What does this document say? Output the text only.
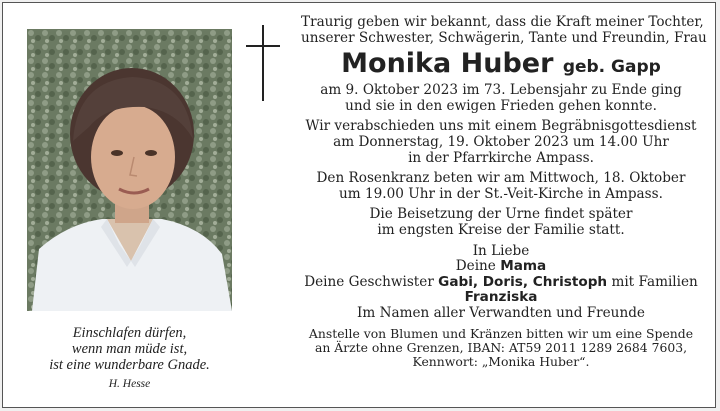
Einschlafen dürfen,
wenn man müde ist,
ist eine wunderbare Gnade.
H. Hesse
Traurig geben wir bekannt, dass die Kraft meiner Tochter,
unserer Schwester, Schwägerin, Tante und Freundin, Frau
Monika Huber geb. Gapp
am 9. Oktober 2023 im 73. Lebensjahr zu Ende ging
und sie in den ewigen Frieden gehen konnte.
Wir verabschieden uns mit einem Begräbnisgottesdienst
am Donnerstag, 19. Oktober 2023 um 14.00 Uhr
in der Pfarrkirche Ampass.
Den Rosenkranz beten wir am Mittwoch, 18. Oktober
um 19.00 Uhr in der St.-Veit-Kirche in Ampass.
Die Beisetzung der Urne findet später
im engsten Kreise der Familie statt.
In Liebe
Deine Mama
Deine Geschwister Gabi, Doris, Christoph mit Familien
Franziska
Im Namen aller Verwandten und Freunde
Anstelle von Blumen und Kränzen bitten wir um eine Spende
an Ärzte ohne Grenzen, IBAN: AT59 2011 1289 2684 7603,
Kennwort: „Monika Huber“.
